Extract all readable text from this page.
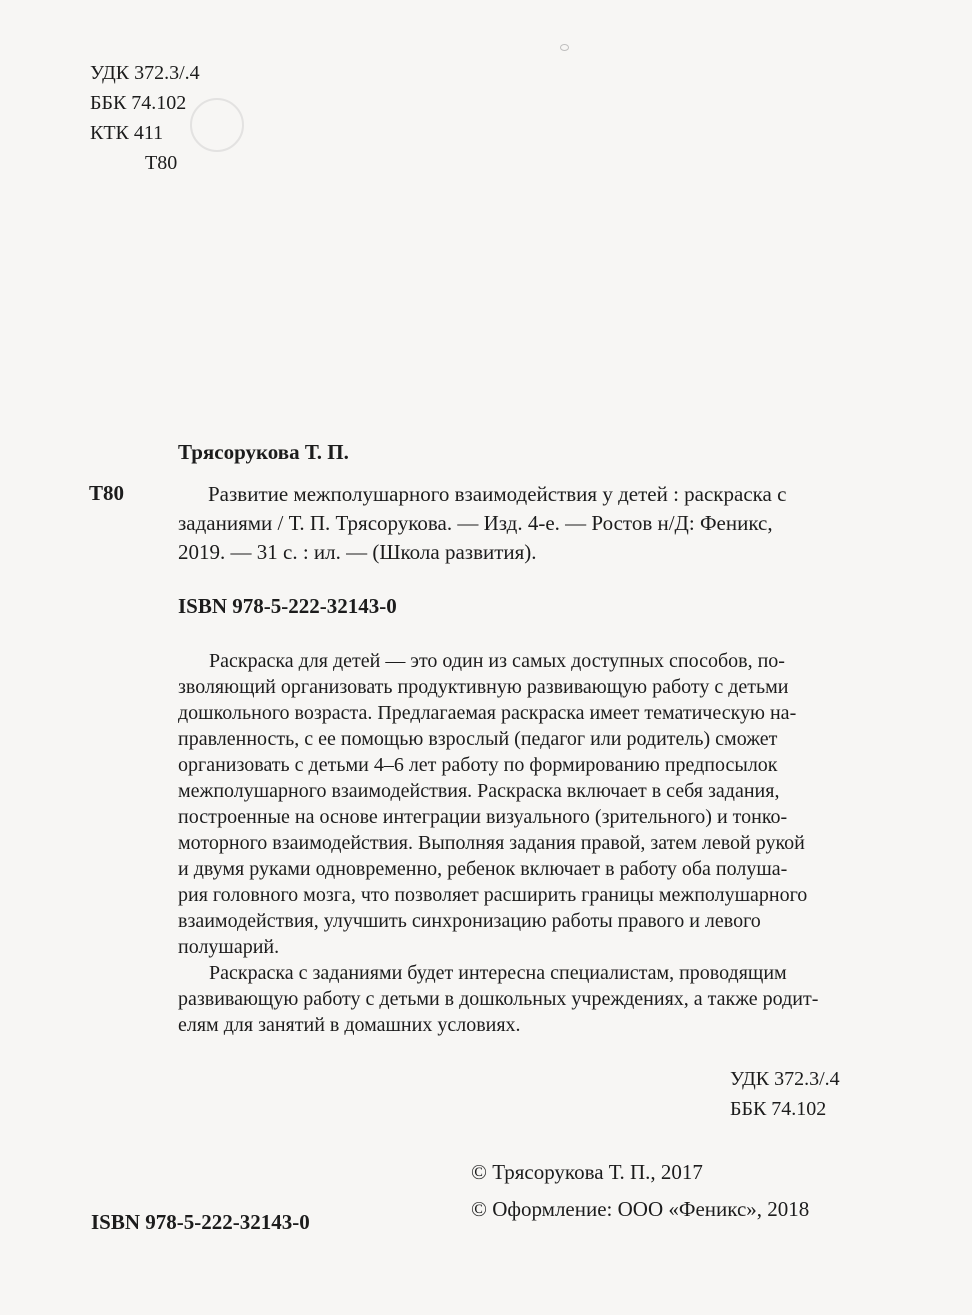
УДК 372.3/.4
ББК 74.102
КТК 411
Т80
Трясорукова Т. П.
Т80	Развитие межполушарного взаимодействия у детей : раскраска с
заданиями / Т. П. Трясорукова. — Изд. 4-е. — Ростов н/Д: Феникс,
2019. — 31 с. : ил. — (Школа развития).
ISBN 978-5-222-32143-0
Раскраска для детей — это один из самых доступных способов, по-
зволяющий организовать продуктивную развивающую работу с детьми
дошкольного возраста. Предлагаемая раскраска имеет тематическую на-
правленность, с ее помощью взрослый (педагог или родитель) сможет
организовать с детьми 4–6 лет работу по формированию предпосылок
межполушарного взаимодействия. Раскраска включает в себя задания,
построенные на основе интеграции визуального (зрительного) и тонко-
моторного взаимодействия. Выполняя задания правой, затем левой рукой
и двумя руками одновременно, ребенок включает в работу оба полуша-
рия головного мозга, что позволяет расширить границы межполушарного
взаимодействия, улучшить синхронизацию работы правого и левого
полушарий.
Раскраска с заданиями будет интересна специалистам, проводящим
развивающую работу с детьми в дошкольных учреждениях, а также родит-
елям для занятий в домашних условиях.
УДК 372.3/.4
ББК 74.102
© Трясорукова Т. П., 2017
© Оформление: ООО «Феникс», 2018
ISBN 978-5-222-32143-0
